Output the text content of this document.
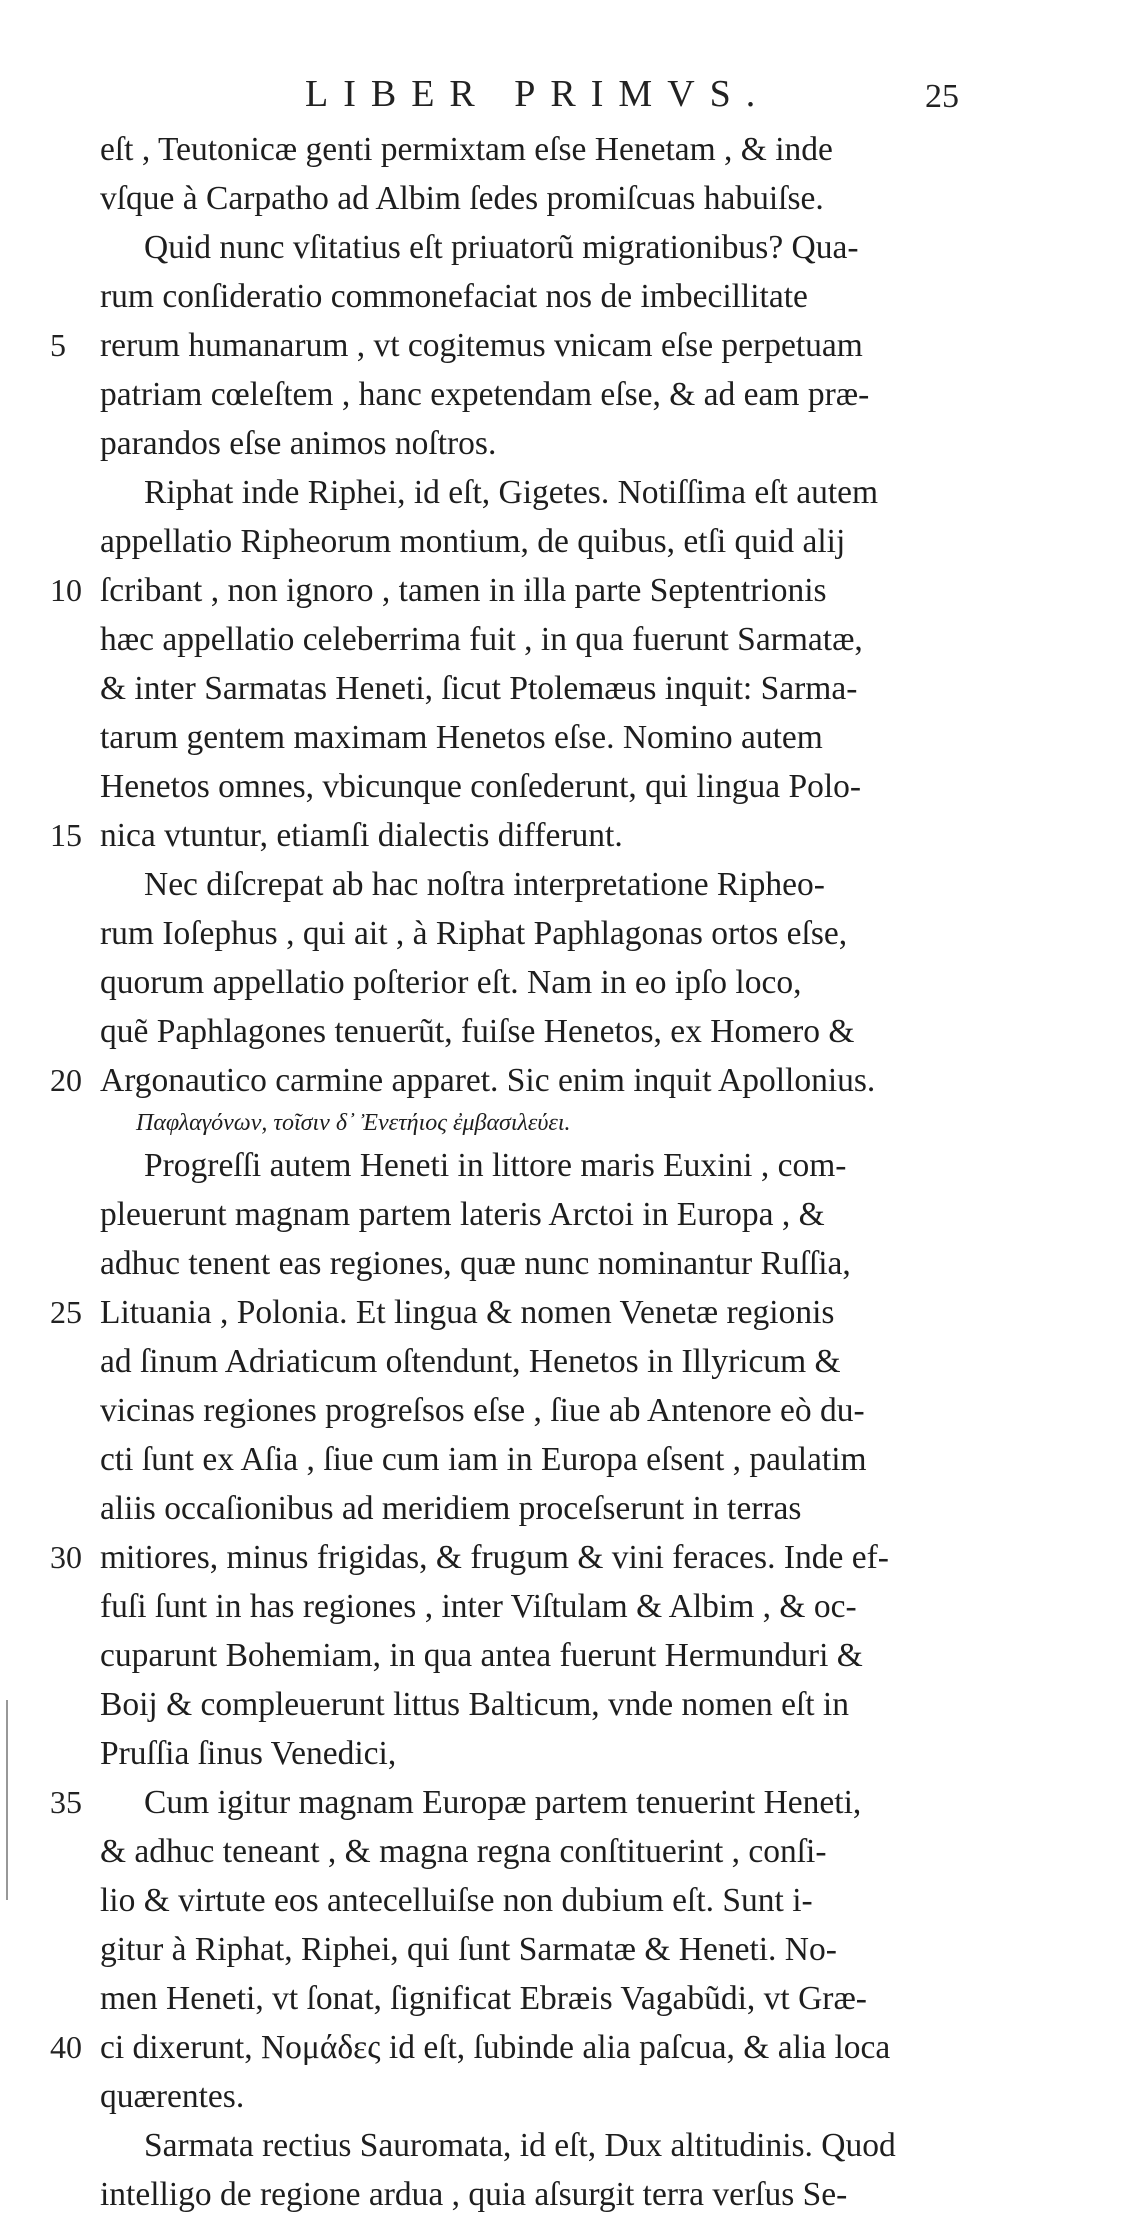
LIBER PRIMVS.	25
eſt , Teutonicæ genti permixtam eſse Henetam , & inde
vſque à Carpatho ad Albim ſedes promiſcuas habuiſse.
Quid nunc vſitatius eſt priuatorũ migrationibus? Qua-
rum conſideratio commonefaciat nos de imbecillitate
5 rerum humanarum , vt cogitemus vnicam eſse perpetuam
patriam cœleſtem , hanc expetendam eſse, & ad eam præ-
parandos eſse animos noſtros.
Riphat inde Riphei, id eſt, Gigetes. Notiſſima eſt autem
appellatio Ripheorum montium, de quibus, etſi quid alij
10 ſcribant , non ignoro , tamen in illa parte Septentrionis
hæc appellatio celeberrima fuit , in qua fuerunt Sarmatæ,
& inter Sarmatas Heneti, ſicut Ptolemæus inquit: Sarma-
tarum gentem maximam Henetos eſse. Nomino autem
Henetos omnes, vbicunque conſederunt, qui lingua Polo-
15 nica vtuntur, etiamſi dialectis differunt.
Nec diſcrepat ab hac noſtra interpretatione Ripheo-
rum Ioſephus , qui ait , à Riphat Paphlagonas ortos eſse,
quorum appellatio poſterior eſt. Nam in eo ipſo loco,
quẽ Paphlagones tenuerũt, fuiſse Henetos, ex Homero &
20 Argonautico carmine apparet. Sic enim inquit Apollonius.
Παφλαγόνων, τοῖσιν δ᾽ Ἐνετήιος ἐμβασιλεύει.
Progreſſi autem Heneti in littore maris Euxini , com-
pleuerunt magnam partem lateris Arctoi in Europa , &
adhuc tenent eas regiones, quæ nunc nominantur Ruſſia,
25 Lituania , Polonia. Et lingua & nomen Venetæ regionis
ad ſinum Adriaticum oſtendunt, Henetos in Illyricum &
vicinas regiones progreſsos eſse , ſiue ab Antenore eò du-
cti ſunt ex Aſia , ſiue cum iam in Europa eſsent , paulatim
aliis occaſionibus ad meridiem proceſserunt in terras
30 mitiores, minus frigidas, & frugum & vini feraces. Inde ef-
fuſi ſunt in has regiones , inter Viſtulam & Albim , & oc-
cuparunt Bohemiam, in qua antea fuerunt Hermunduri &
Boij & compleuerunt littus Balticum, vnde nomen eſt in
Pruſſia ſinus Venedici,
35 Cum igitur magnam Europæ partem tenuerint Heneti,
& adhuc teneant , & magna regna conſtituerint , conſi-
lio & virtute eos antecelluiſse non dubium eſt. Sunt i-
gitur à Riphat, Riphei, qui ſunt Sarmatæ & Heneti. No-
men Heneti, vt ſonat, ſignificat Ebræis Vagabũdi, vt Græ-
40 ci dixerunt, Νομάδες id eſt, ſubinde alia paſcua, & alia loca
quærentes.
Sarmata rectius Sauromata, id eſt, Dux altitudinis. Quod
intelligo de regione ardua , quia aſsurgit terra verſus Se-
